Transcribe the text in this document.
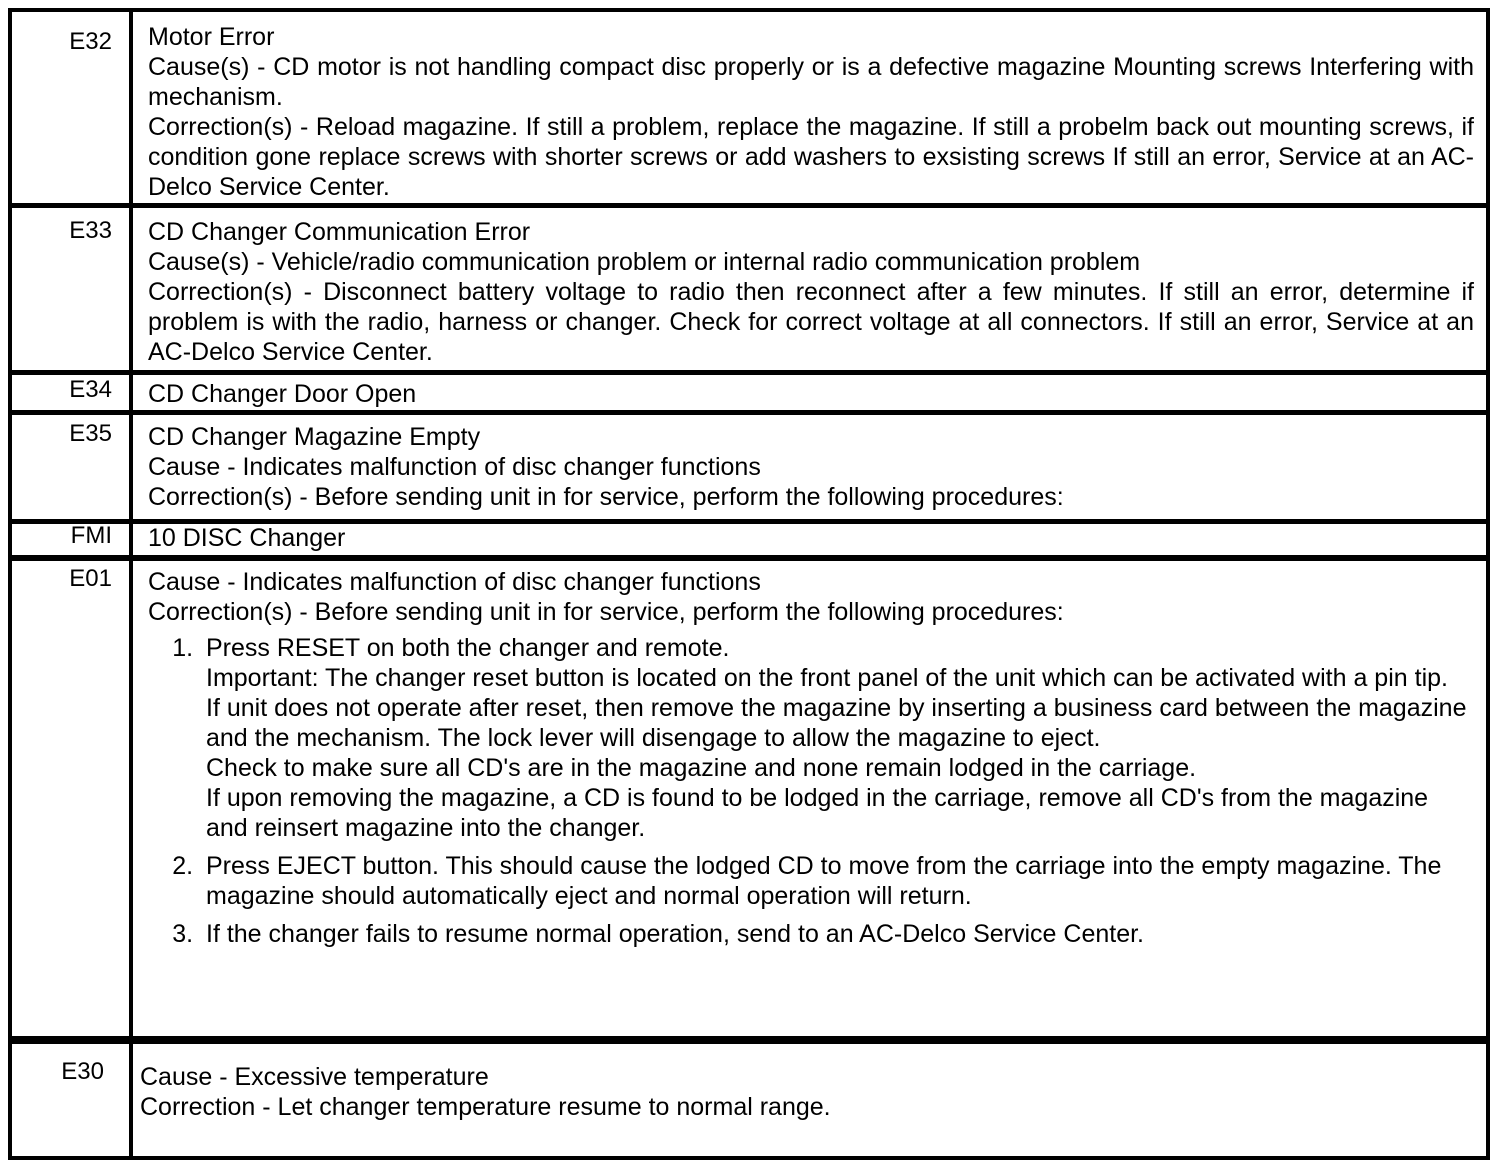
E32 Motor Error
Cause(s) - CD motor is not handling compact disc properly or is a defective magazine Mounting screws Interfering with mechanism.
Correction(s) - Reload magazine. If still a problem, replace the magazine. If still a probelm back out mounting screws, if condition gone replace screws with shorter screws or add washers to exsisting screws If still an error, Service at an AC-Delco Service Center.
E33 CD Changer Communication Error
Cause(s) - Vehicle/radio communication problem or internal radio communication problem
Correction(s) - Disconnect battery voltage to radio then reconnect after a few minutes. If still an error, determine if problem is with the radio, harness or changer. Check for correct voltage at all connectors. If still an error, Service at an AC-Delco Service Center.
E34 CD Changer Door Open
E35 CD Changer Magazine Empty
Cause - Indicates malfunction of disc changer functions
Correction(s) - Before sending unit in for service, perform the following procedures:
FMI 10 DISC Changer
E01 Cause - Indicates malfunction of disc changer functions
Correction(s) - Before sending unit in for service, perform the following procedures:
1. Press RESET on both the changer and remote.
Important: The changer reset button is located on the front panel of the unit which can be activated with a pin tip.
If unit does not operate after reset, then remove the magazine by inserting a business card between the magazine and the mechanism. The lock lever will disengage to allow the magazine to eject.
Check to make sure all CD's are in the magazine and none remain lodged in the carriage.
If upon removing the magazine, a CD is found to be lodged in the carriage, remove all CD's from the magazine and reinsert magazine into the changer.
2. Press EJECT button. This should cause the lodged CD to move from the carriage into the empty magazine. The magazine should automatically eject and normal operation will return.
3. If the changer fails to resume normal operation, send to an AC-Delco Service Center.
E30 Cause - Excessive temperature
Correction - Let changer temperature resume to normal range.
